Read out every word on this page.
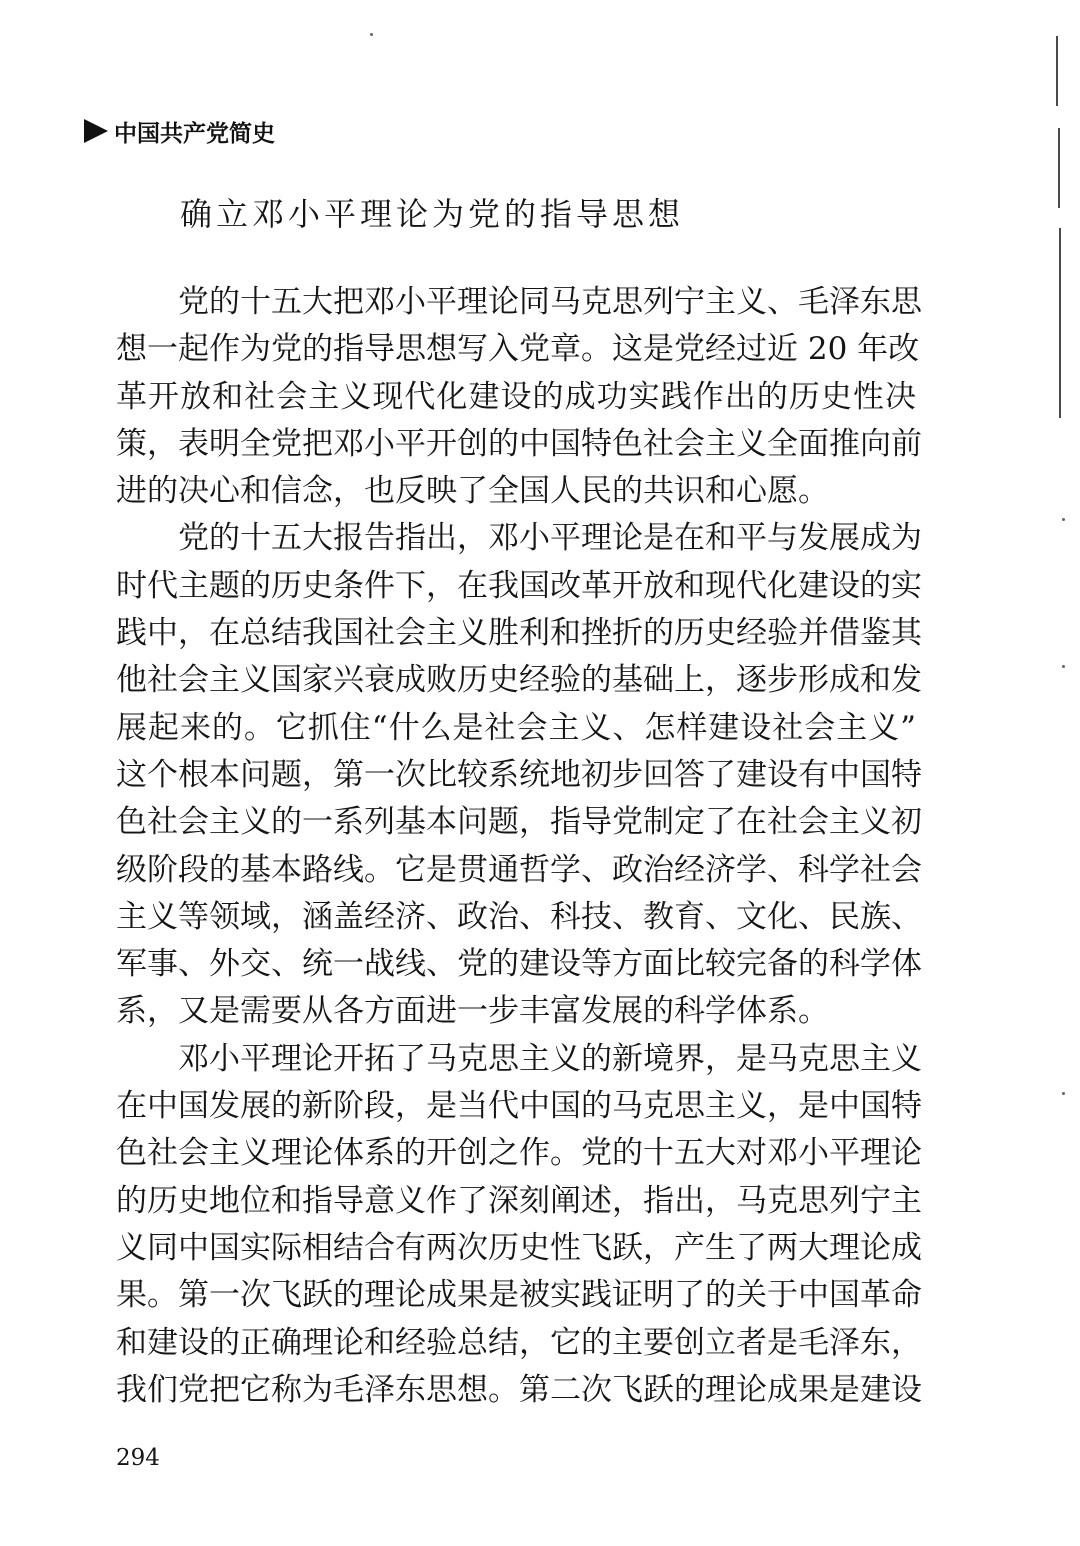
中国共产党简史
确立邓小平理论为党的指导思想
党的十五大把邓小平理论同马克思列宁主义、毛泽东思
想一起作为党的指导思想写入党章。这是党经过近 20 年改
革开放和社会主义现代化建设的成功实践作出的历史性决
策，表明全党把邓小平开创的中国特色社会主义全面推向前
进的决心和信念，也反映了全国人民的共识和心愿。
党的十五大报告指出，邓小平理论是在和平与发展成为
时代主题的历史条件下，在我国改革开放和现代化建设的实
践中，在总结我国社会主义胜利和挫折的历史经验并借鉴其
他社会主义国家兴衰成败历史经验的基础上，逐步形成和发
展起来的。它抓住“什么是社会主义、怎样建设社会主义”
这个根本问题，第一次比较系统地初步回答了建设有中国特
色社会主义的一系列基本问题，指导党制定了在社会主义初
级阶段的基本路线。它是贯通哲学、政治经济学、科学社会
主义等领域，涵盖经济、政治、科技、教育、文化、民族、
军事、外交、统一战线、党的建设等方面比较完备的科学体
系，又是需要从各方面进一步丰富发展的科学体系。
邓小平理论开拓了马克思主义的新境界，是马克思主义
在中国发展的新阶段，是当代中国的马克思主义，是中国特
色社会主义理论体系的开创之作。党的十五大对邓小平理论
的历史地位和指导意义作了深刻阐述，指出，马克思列宁主
义同中国实际相结合有两次历史性飞跃，产生了两大理论成
果。第一次飞跃的理论成果是被实践证明了的关于中国革命
和建设的正确理论和经验总结，它的主要创立者是毛泽东，
我们党把它称为毛泽东思想。第二次飞跃的理论成果是建设
294
